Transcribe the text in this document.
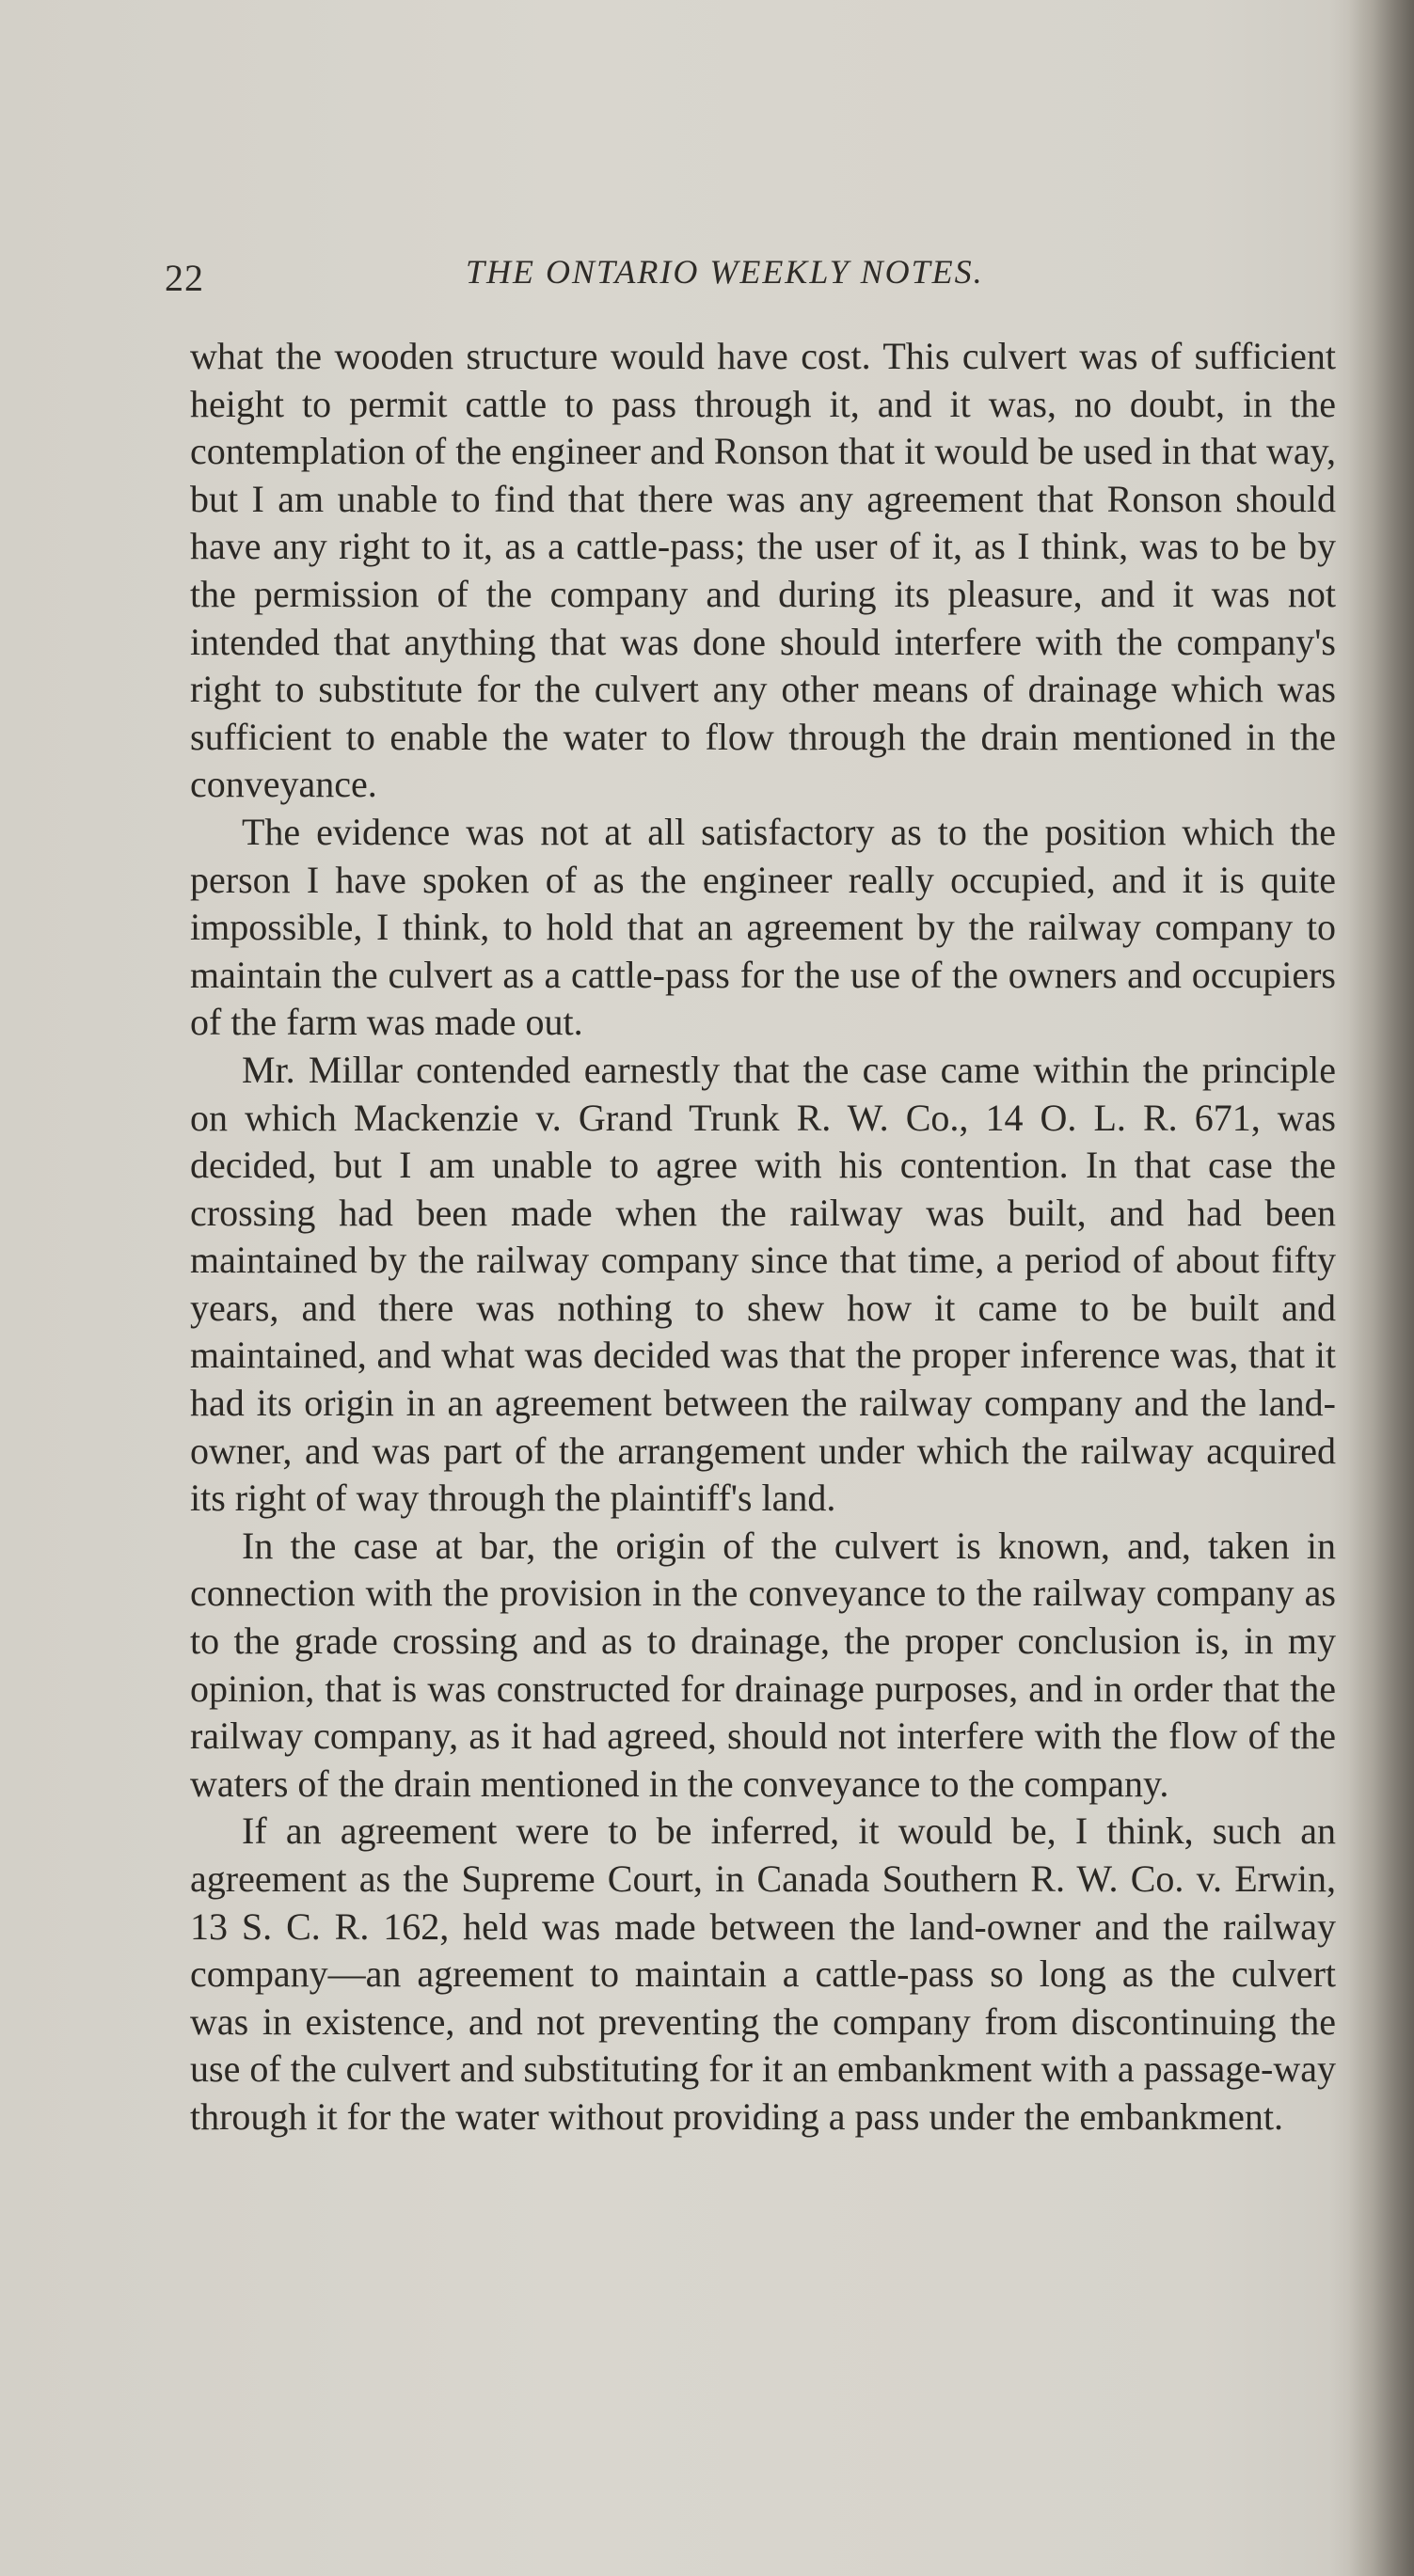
22	THE ONTARIO WEEKLY NOTES.

what the wooden structure would have cost. This culvert was of sufficient height to permit cattle to pass through it, and it was, no doubt, in the contemplation of the engineer and Ronson that it would be used in that way, but I am unable to find that there was any agreement that Ronson should have any right to it, as a cattle-pass; the user of it, as I think, was to be by the permission of the company and during its pleasure, and it was not intended that anything that was done should interfere with the company's right to substitute for the culvert any other means of drainage which was sufficient to enable the water to flow through the drain mentioned in the conveyance.

The evidence was not at all satisfactory as to the position which the person I have spoken of as the engineer really occupied, and it is quite impossible, I think, to hold that an agreement by the railway company to maintain the culvert as a cattle-pass for the use of the owners and occupiers of the farm was made out.

Mr. Millar contended earnestly that the case came within the principle on which Mackenzie v. Grand Trunk R. W. Co., 14 O. L. R. 671, was decided, but I am unable to agree with his contention. In that case the crossing had been made when the railway was built, and had been maintained by the railway company since that time, a period of about fifty years, and there was nothing to shew how it came to be built and maintained, and what was decided was that the proper inference was, that it had its origin in an agreement between the railway company and the land-owner, and was part of the arrangement under which the railway acquired its right of way through the plaintiff's land.

In the case at bar, the origin of the culvert is known, and, taken in connection with the provision in the conveyance to the railway company as to the grade crossing and as to drainage, the proper conclusion is, in my opinion, that is was constructed for drainage purposes, and in order that the railway company, as it had agreed, should not interfere with the flow of the waters of the drain mentioned in the conveyance to the company.

If an agreement were to be inferred, it would be, I think, such an agreement as the Supreme Court, in Canada Southern R. W. Co. v. Erwin, 13 S. C. R. 162, held was made between the land-owner and the railway company—an agreement to maintain a cattle-pass so long as the culvert was in existence, and not preventing the company from discontinuing the use of the culvert and substituting for it an embankment with a passage-way through it for the water without providing a pass under the embankment.
